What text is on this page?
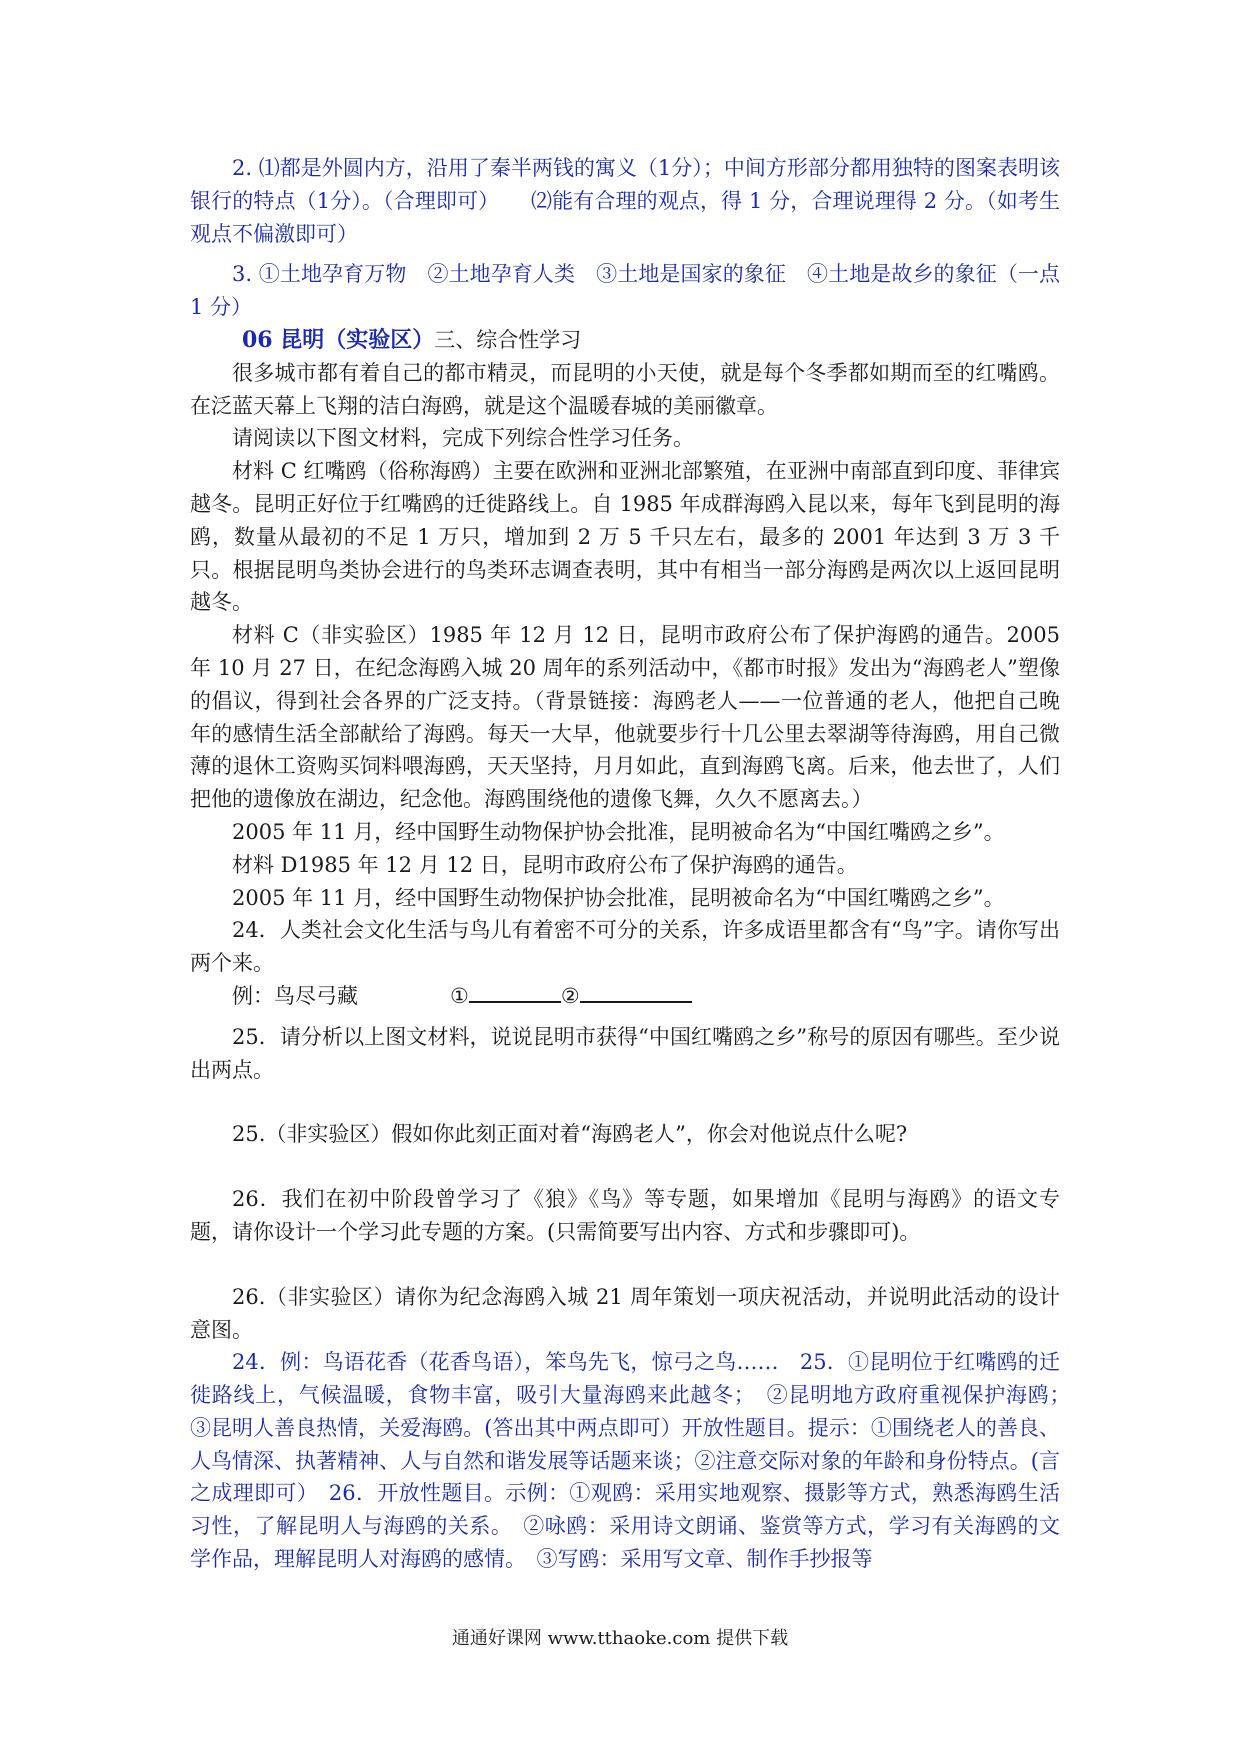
2. ⑴都是外圆内方，沿用了秦半两钱的寓义（1分）；中间方形部分都用独特的图案表明该银行的特点（1分）。（合理即可）　　⑵能有合理的观点，得 1 分，合理说理得 2 分。（如考生观点不偏激即可）

3. ①土地孕育万物　②土地孕育人类　③土地是国家的象征　④土地是故乡的象征（一点 1 分）

06 昆明（实验区）三、综合性学习

很多城市都有着自己的都市精灵，而昆明的小天使，就是每个冬季都如期而至的红嘴鸥。在泛蓝天幕上飞翔的洁白海鸥，就是这个温暖春城的美丽徽章。

请阅读以下图文材料，完成下列综合性学习任务。

材料 C 红嘴鸥（俗称海鸥）主要在欧洲和亚洲北部繁殖，在亚洲中南部直到印度、菲律宾越冬。昆明正好位于红嘴鸥的迁徙路线上。自 1985 年成群海鸥入昆以来，每年飞到昆明的海鸥，数量从最初的不足 1 万只，增加到 2 万 5 千只左右，最多的 2001 年达到 3 万 3 千只。根据昆明鸟类协会进行的鸟类环志调查表明，其中有相当一部分海鸥是两次以上返回昆明越冬。

材料 C（非实验区）1985 年 12 月 12 日，昆明市政府公布了保护海鸥的通告。2005 年 10 月 27 日，在纪念海鸥入城 20 周年的系列活动中，《都市时报》发出为“海鸥老人”塑像的倡议，得到社会各界的广泛支持。（背景链接：海鸥老人——一位普通的老人，他把自己晚年的感情生活全部献给了海鸥。每天一大早，他就要步行十几公里去翠湖等待海鸥，用自己微薄的退休工资购买饲料喂海鸥，天天坚持，月月如此，直到海鸥飞离。后来，他去世了，人们把他的遗像放在湖边，纪念他。海鸥围绕他的遗像飞舞，久久不愿离去。）

2005 年 11 月，经中国野生动物保护协会批准，昆明被命名为“中国红嘴鸥之乡”。

材料 D1985 年 12 月 12 日，昆明市政府公布了保护海鸥的通告。

2005 年 11 月，经中国野生动物保护协会批准，昆明被命名为“中国红嘴鸥之乡”。

24．人类社会文化生活与鸟儿有着密不可分的关系，许多成语里都含有“鸟”字。请你写出两个来。

例：鸟尽弓藏	①	②

25．请分析以上图文材料，说说昆明市获得“中国红嘴鸥之乡”称号的原因有哪些。至少说出两点。

25.（非实验区）假如你此刻正面对着“海鸥老人”，你会对他说点什么呢?

26．我们在初中阶段曾学习了《狼》《鸟》等专题，如果增加《昆明与海鸥》的语文专题，请你设计一个学习此专题的方案。(只需简要写出内容、方式和步骤即可)。

26.（非实验区）请你为纪念海鸥入城 21 周年策划一项庆祝活动，并说明此活动的设计意图。

24．例：鸟语花香（花香鸟语），笨鸟先飞，惊弓之鸟……　25．①昆明位于红嘴鸥的迁徙路线上，气候温暖，食物丰富，吸引大量海鸥来此越冬；　②昆明地方政府重视保护海鸥；　③昆明人善良热情，关爱海鸥。(答出其中两点即可）开放性题目。提示：①围绕老人的善良、人鸟情深、执著精神、人与自然和谐发展等话题来谈；②注意交际对象的年龄和身份特点。(言之成理即可）　26．开放性题目。示例：①观鸥：采用实地观察、摄影等方式，熟悉海鸥生活习性，了解昆明人与海鸥的关系。　②咏鸥：采用诗文朗诵、鉴赏等方式，学习有关海鸥的文学作品，理解昆明人对海鸥的感情。　③写鸥：采用写文章、制作手抄报等

通通好课网 www.tthaoke.com 提供下载
